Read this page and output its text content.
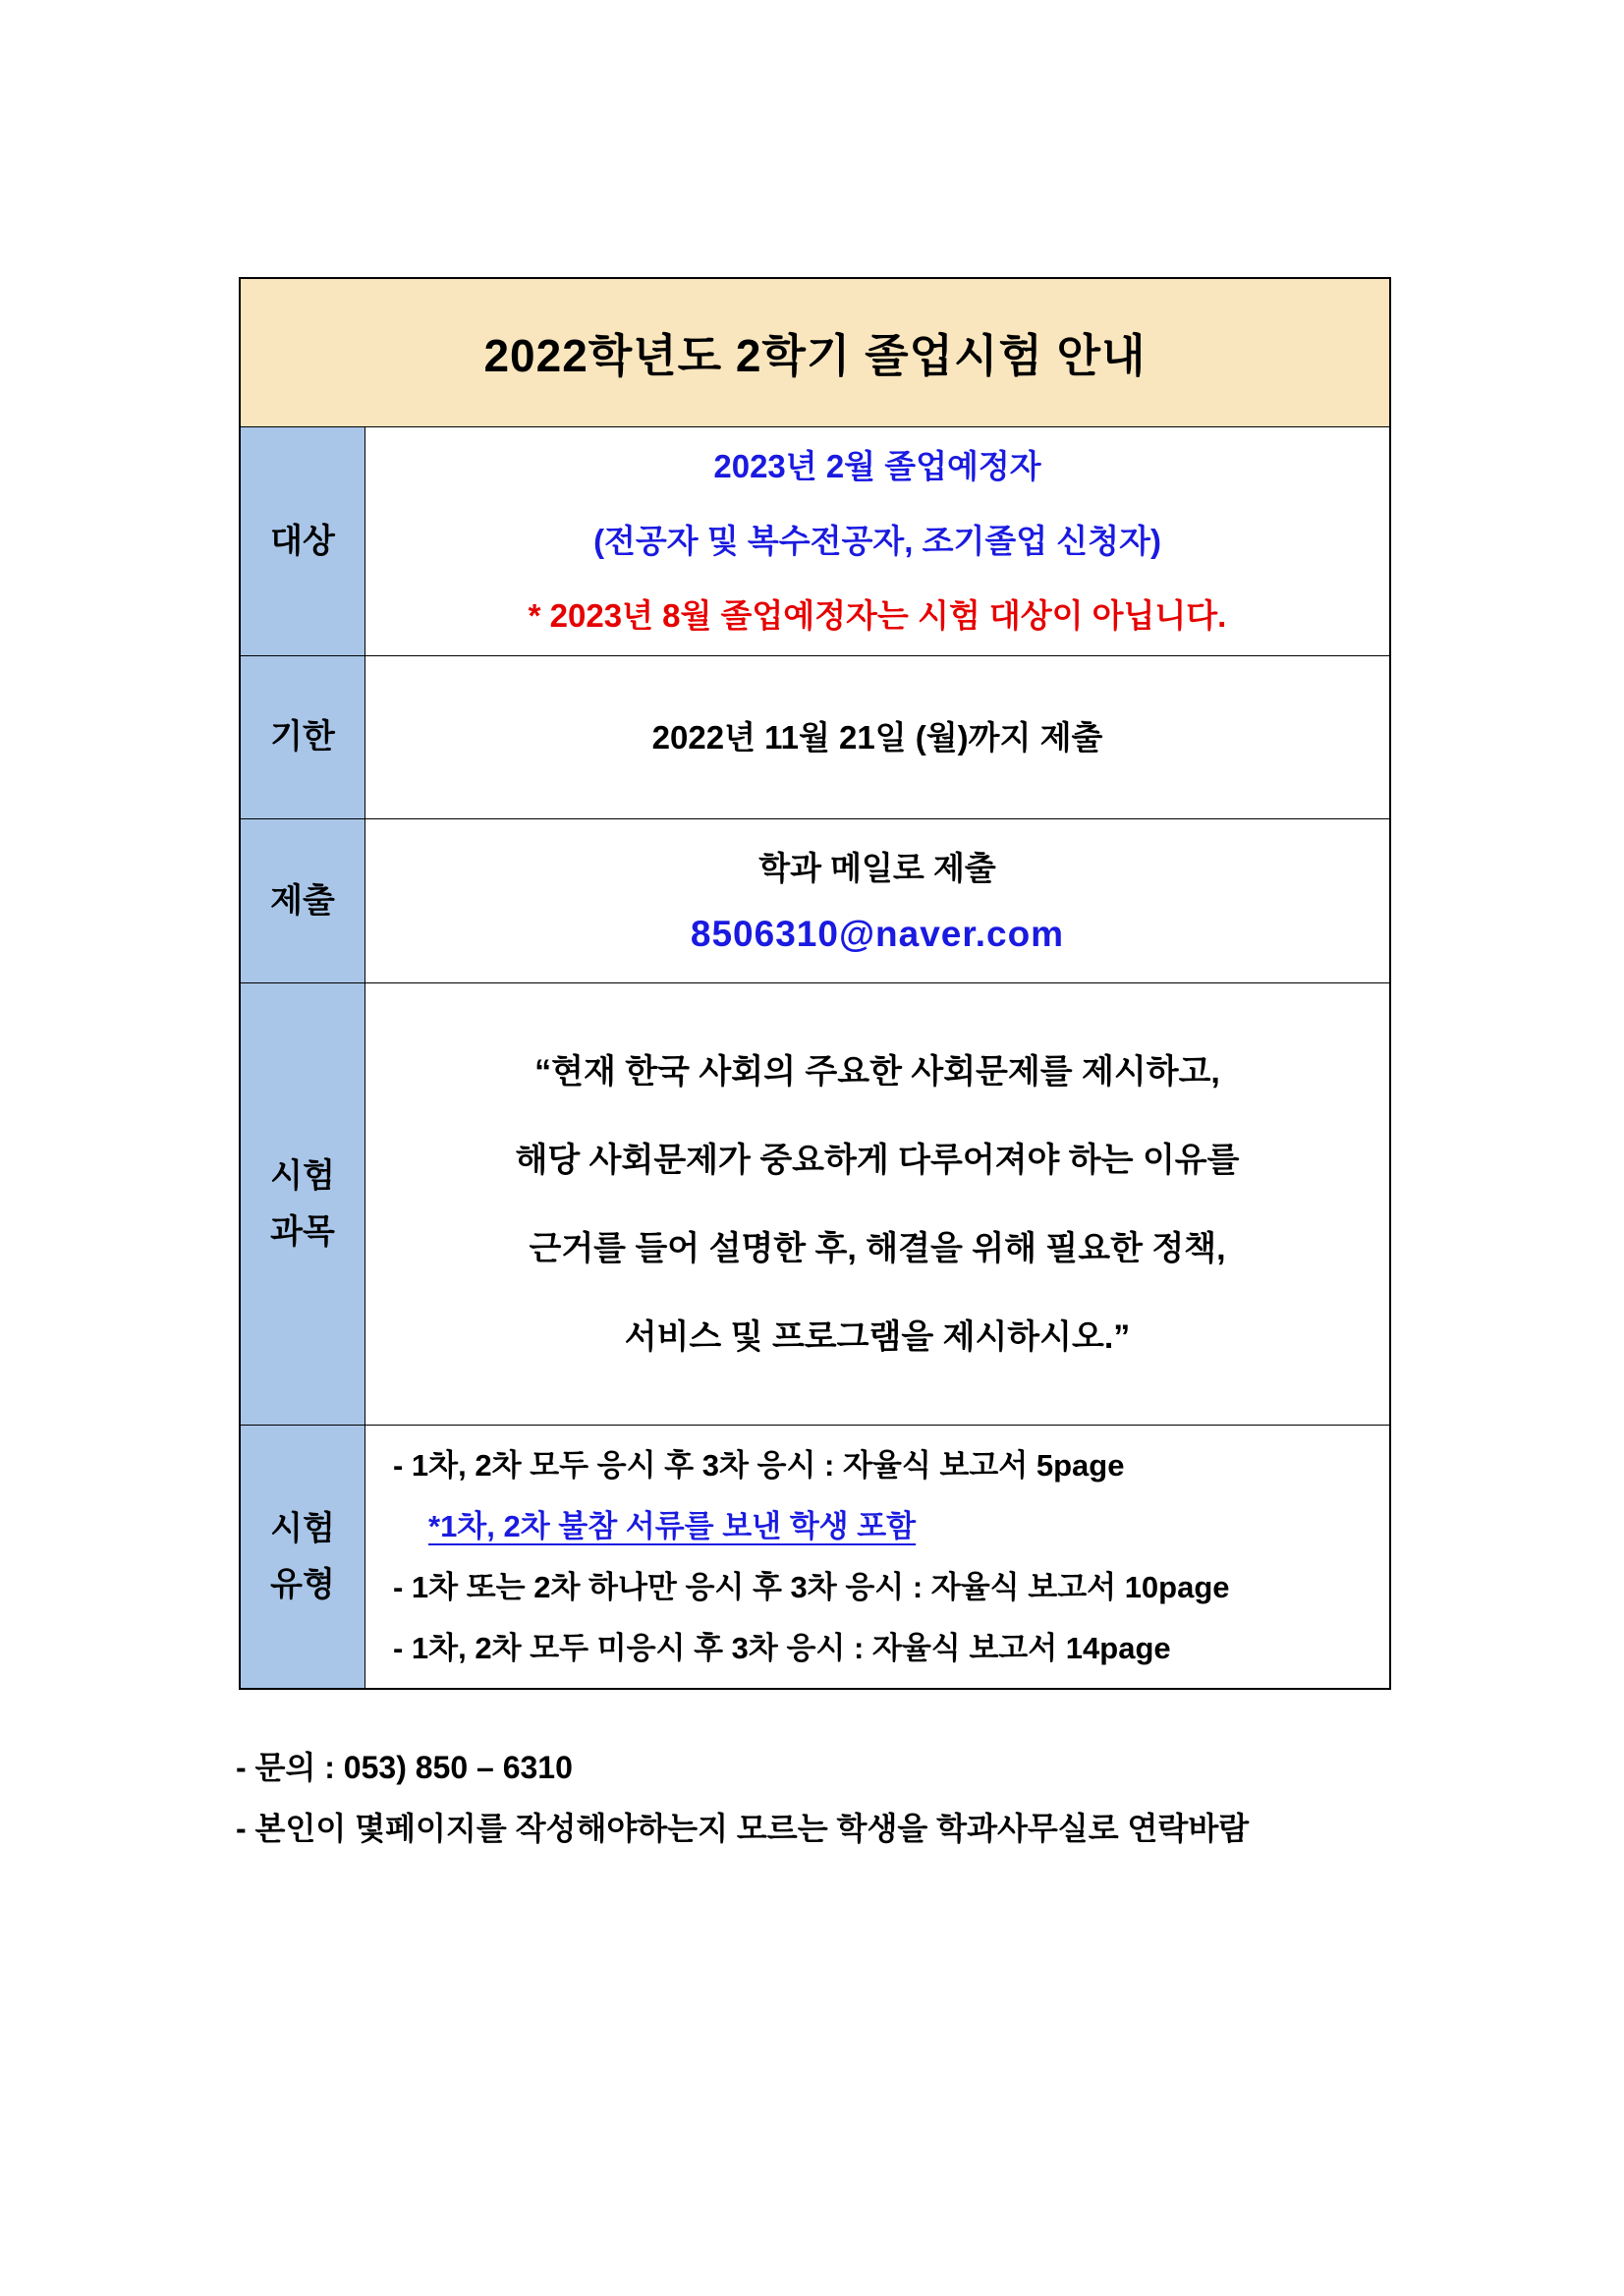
2022학년도 2학기 졸업시험 안내
대상
2023년 2월 졸업예정자
(전공자 및 복수전공자, 조기졸업 신청자)
* 2023년 8월 졸업예정자는 시험 대상이 아닙니다.
기한	2022년 11월 21일 (월)까지 제출
제출
학과 메일로 제출
8506310@naver.com
시험
과목
“현재 한국 사회의 주요한 사회문제를 제시하고,
해당 사회문제가 중요하게 다루어져야 하는 이유를
근거를 들어 설명한 후, 해결을 위해 필요한 정책,
서비스 및 프로그램을 제시하시오.”
시험
유형
- 1차, 2차 모두 응시 후 3차 응시 : 자율식 보고서 5page
*1차, 2차 불참 서류를 보낸 학생 포함
- 1차 또는 2차 하나만 응시 후 3차 응시 : 자율식 보고서 10page
- 1차, 2차 모두 미응시 후 3차 응시 : 자율식 보고서 14page
- 문의 : 053) 850 – 6310
- 본인이 몇페이지를 작성해야하는지 모르는 학생을 학과사무실로 연락바람
